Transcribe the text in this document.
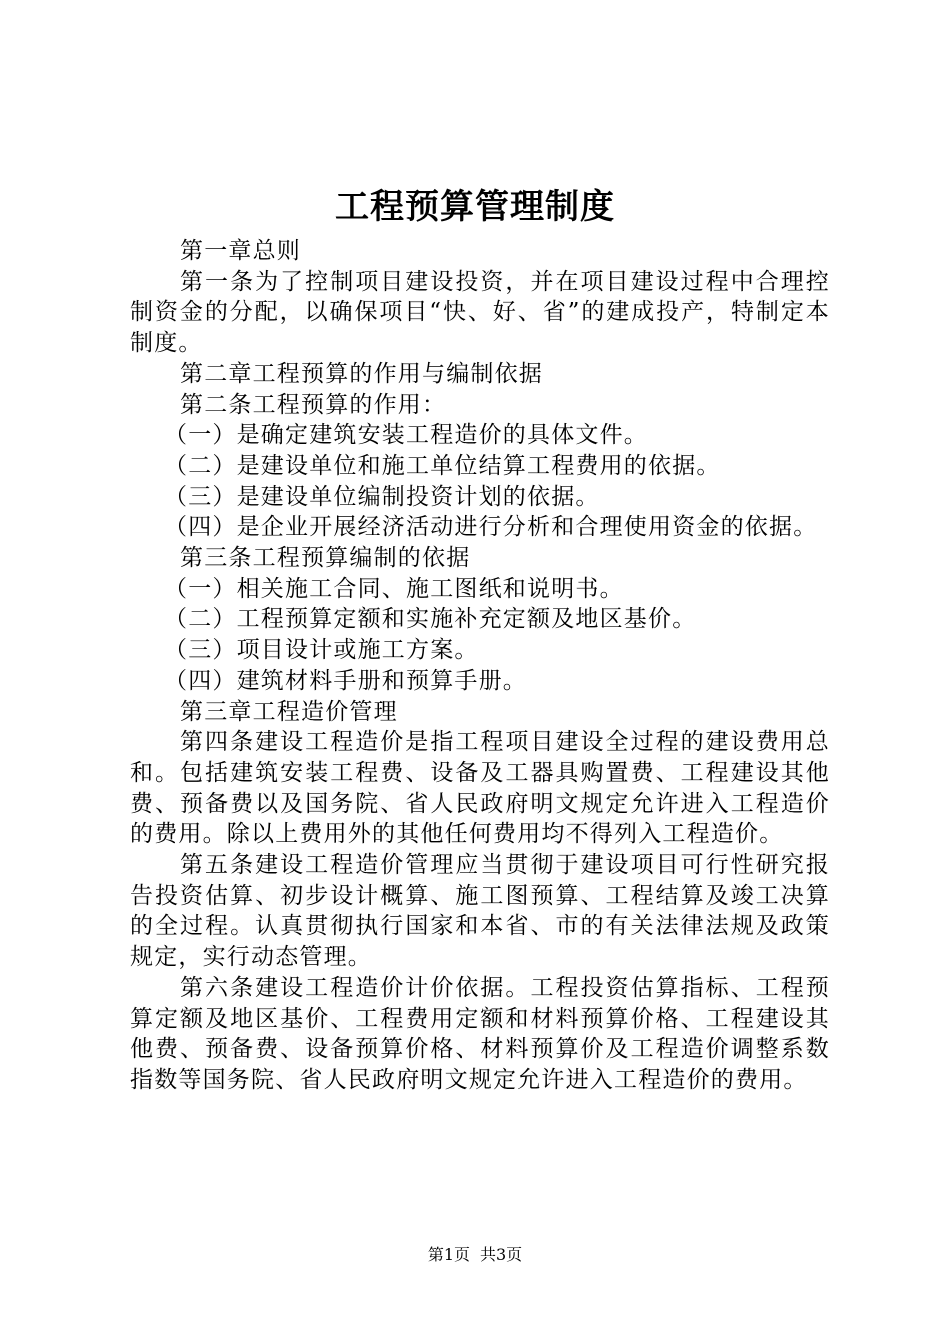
工程预算管理制度

第一章总则

第一条为了控制项目建设投资，并在项目建设过程中合理控制资金的分配，以确保项目“快、好、省”的建成投产，特制定本制度。

第二章工程预算的作用与编制依据

第二条工程预算的作用：

（一）是确定建筑安装工程造价的具体文件。

（二）是建设单位和施工单位结算工程费用的依据。

（三）是建设单位编制投资计划的依据。

（四）是企业开展经济活动进行分析和合理使用资金的依据。

第三条工程预算编制的依据

（一）相关施工合同、施工图纸和说明书。

（二）工程预算定额和实施补充定额及地区基价。

（三）项目设计或施工方案。

（四）建筑材料手册和预算手册。

第三章工程造价管理

第四条建设工程造价是指工程项目建设全过程的建设费用总和。包括建筑安装工程费、设备及工器具购置费、工程建设其他费、预备费以及国务院、省人民政府明文规定允许进入工程造价的费用。除以上费用外的其他任何费用均不得列入工程造价。

第五条建设工程造价管理应当贯彻于建设项目可行性研究报告投资估算、初步设计概算、施工图预算、工程结算及竣工决算的全过程。认真贯彻执行国家和本省、市的有关法律法规及政策规定，实行动态管理。

第六条建设工程造价计价依据。工程投资估算指标、工程预算定额及地区基价、工程费用定额和材料预算价格、工程建设其他费、预备费、设备预算价格、材料预算价及工程造价调整系数指数等国务院、省人民政府明文规定允许进入工程造价的费用。

第1页 共3页
